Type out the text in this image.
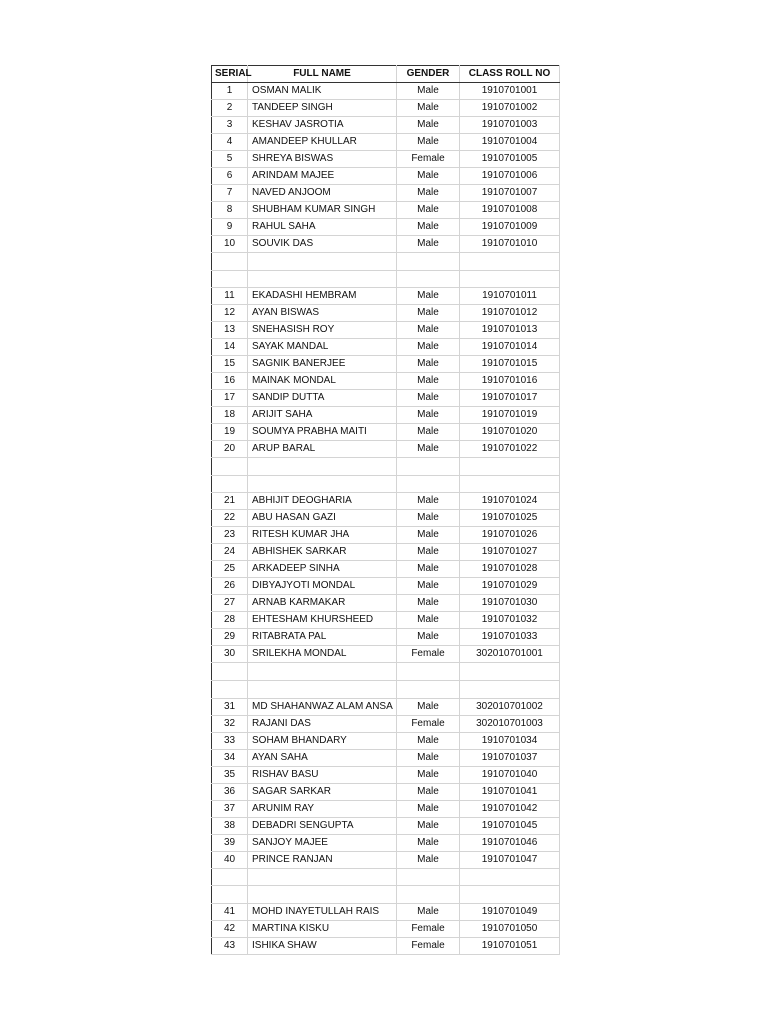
SERIAL	FULL NAME	GENDER	CLASS ROLL NO
1	OSMAN MALIK	Male	1910701001
2	TANDEEP SINGH	Male	1910701002
3	KESHAV JASROTIA	Male	1910701003
4	AMANDEEP KHULLAR	Male	1910701004
5	SHREYA BISWAS	Female	1910701005
6	ARINDAM MAJEE	Male	1910701006
7	NAVED ANJOOM	Male	1910701007
8	SHUBHAM KUMAR SINGH	Male	1910701008
9	RAHUL SAHA	Male	1910701009
10	SOUVIK DAS	Male	1910701010

11	EKADASHI HEMBRAM	Male	1910701011
12	AYAN BISWAS	Male	1910701012
13	SNEHASISH ROY	Male	1910701013
14	SAYAK MANDAL	Male	1910701014
15	SAGNIK BANERJEE	Male	1910701015
16	MAINAK MONDAL	Male	1910701016
17	SANDIP DUTTA	Male	1910701017
18	ARIJIT SAHA	Male	1910701019
19	SOUMYA PRABHA MAITI	Male	1910701020
20	ARUP BARAL	Male	1910701022

21	ABHIJIT DEOGHARIA	Male	1910701024
22	ABU HASAN GAZI	Male	1910701025
23	RITESH KUMAR JHA	Male	1910701026
24	ABHISHEK SARKAR	Male	1910701027
25	ARKADEEP SINHA	Male	1910701028
26	DIBYAJYOTI MONDAL	Male	1910701029
27	ARNAB KARMAKAR	Male	1910701030
28	EHTESHAM KHURSHEED	Male	1910701032
29	RITABRATA PAL	Male	1910701033
30	SRILEKHA MONDAL	Female	302010701001

31	MD SHAHANWAZ ALAM ANSA	Male	302010701002
32	RAJANI DAS	Female	302010701003
33	SOHAM BHANDARY	Male	1910701034
34	AYAN SAHA	Male	1910701037
35	RISHAV BASU	Male	1910701040
36	SAGAR SARKAR	Male	1910701041
37	ARUNIM RAY	Male	1910701042
38	DEBADRI SENGUPTA	Male	1910701045
39	SANJOY MAJEE	Male	1910701046
40	PRINCE RANJAN	Male	1910701047

41	MOHD INAYETULLAH RAIS	Male	1910701049
42	MARTINA KISKU	Female	1910701050
43	ISHIKA SHAW	Female	1910701051
